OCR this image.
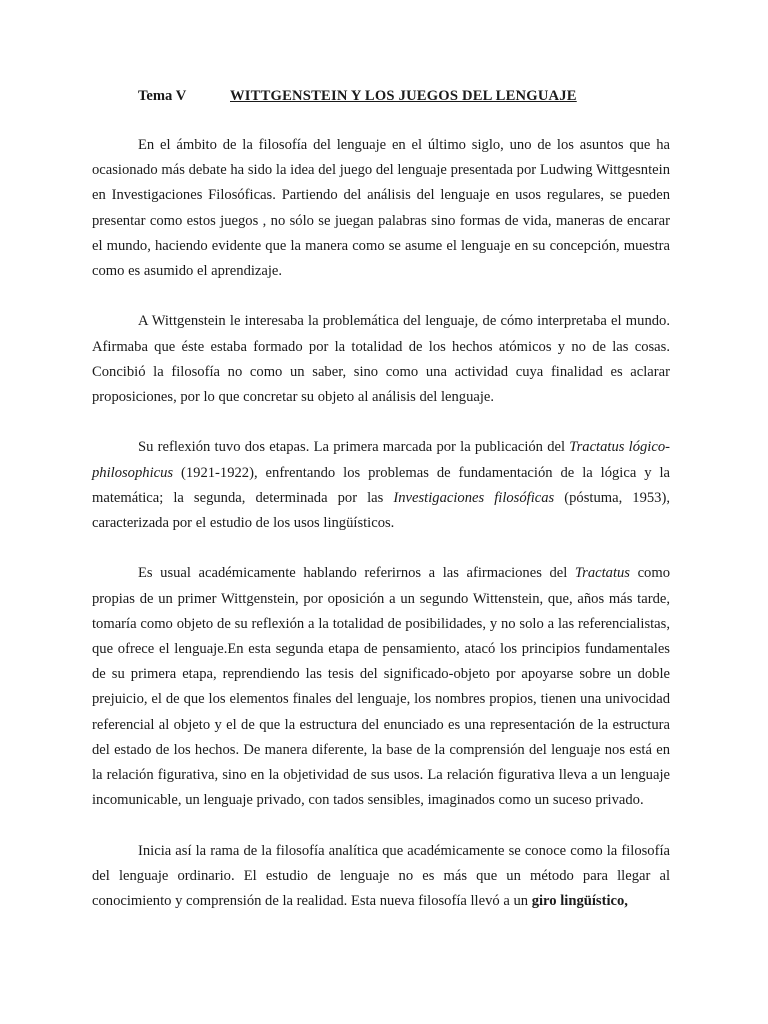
Tema V	WITTGENSTEIN Y LOS JUEGOS DEL LENGUAJE

En el ámbito de la filosofía del lenguaje en el último siglo, uno de los asuntos que ha ocasionado más debate ha sido la idea del juego del lenguaje presentada por Ludwing Wittgesntein en Investigaciones Filosóficas. Partiendo del análisis del lenguaje en usos regulares, se pueden presentar como estos juegos , no sólo se juegan palabras sino formas de vida, maneras de encarar el mundo, haciendo evidente que la manera como se asume el lenguaje en su concepción, muestra como es asumido el aprendizaje.

A Wittgenstein le interesaba la problemática del lenguaje, de cómo interpretaba el mundo. Afirmaba que éste estaba formado por la totalidad de los hechos atómicos y no de las cosas. Concibió la filosofía no como un saber, sino como una actividad cuya finalidad es aclarar proposiciones, por lo que concretar su objeto al análisis del lenguaje.

Su reflexión tuvo dos etapas. La primera marcada por la publicación del Tractatus lógico-philosophicus (1921-1922), enfrentando los problemas de fundamentación de la lógica y la matemática; la segunda, determinada por las Investigaciones filosóficas (póstuma, 1953), caracterizada por el estudio de los usos lingüísticos.

Es usual académicamente hablando referirnos a las afirmaciones del Tractatus como propias de un primer Wittgenstein, por oposición a un segundo Wittenstein, que, años más tarde, tomaría como objeto de su reflexión a la totalidad de posibilidades, y no solo a las referencialistas, que ofrece el lenguaje.En esta segunda etapa de pensamiento, atacó los principios fundamentales de su primera etapa, reprendiendo las tesis del significado-objeto por apoyarse sobre un doble prejuicio, el de que los elementos finales del lenguaje, los nombres propios, tienen una univocidad referencial al objeto y el de que la estructura del enunciado es una representación de la estructura del estado de los hechos. De manera diferente, la base de la comprensión del lenguaje nos está en la relación figurativa, sino en la objetividad de sus usos. La relación figurativa lleva a un lenguaje incomunicable, un lenguaje privado, con tados sensibles, imaginados como un suceso privado.

Inicia así la rama de la filosofía analítica que académicamente se conoce como la filosofía del lenguaje ordinario. El estudio de lenguaje no es más que un método para llegar al conocimiento y comprensión de la realidad. Esta nueva filosofía llevó a un giro lingüístico,
